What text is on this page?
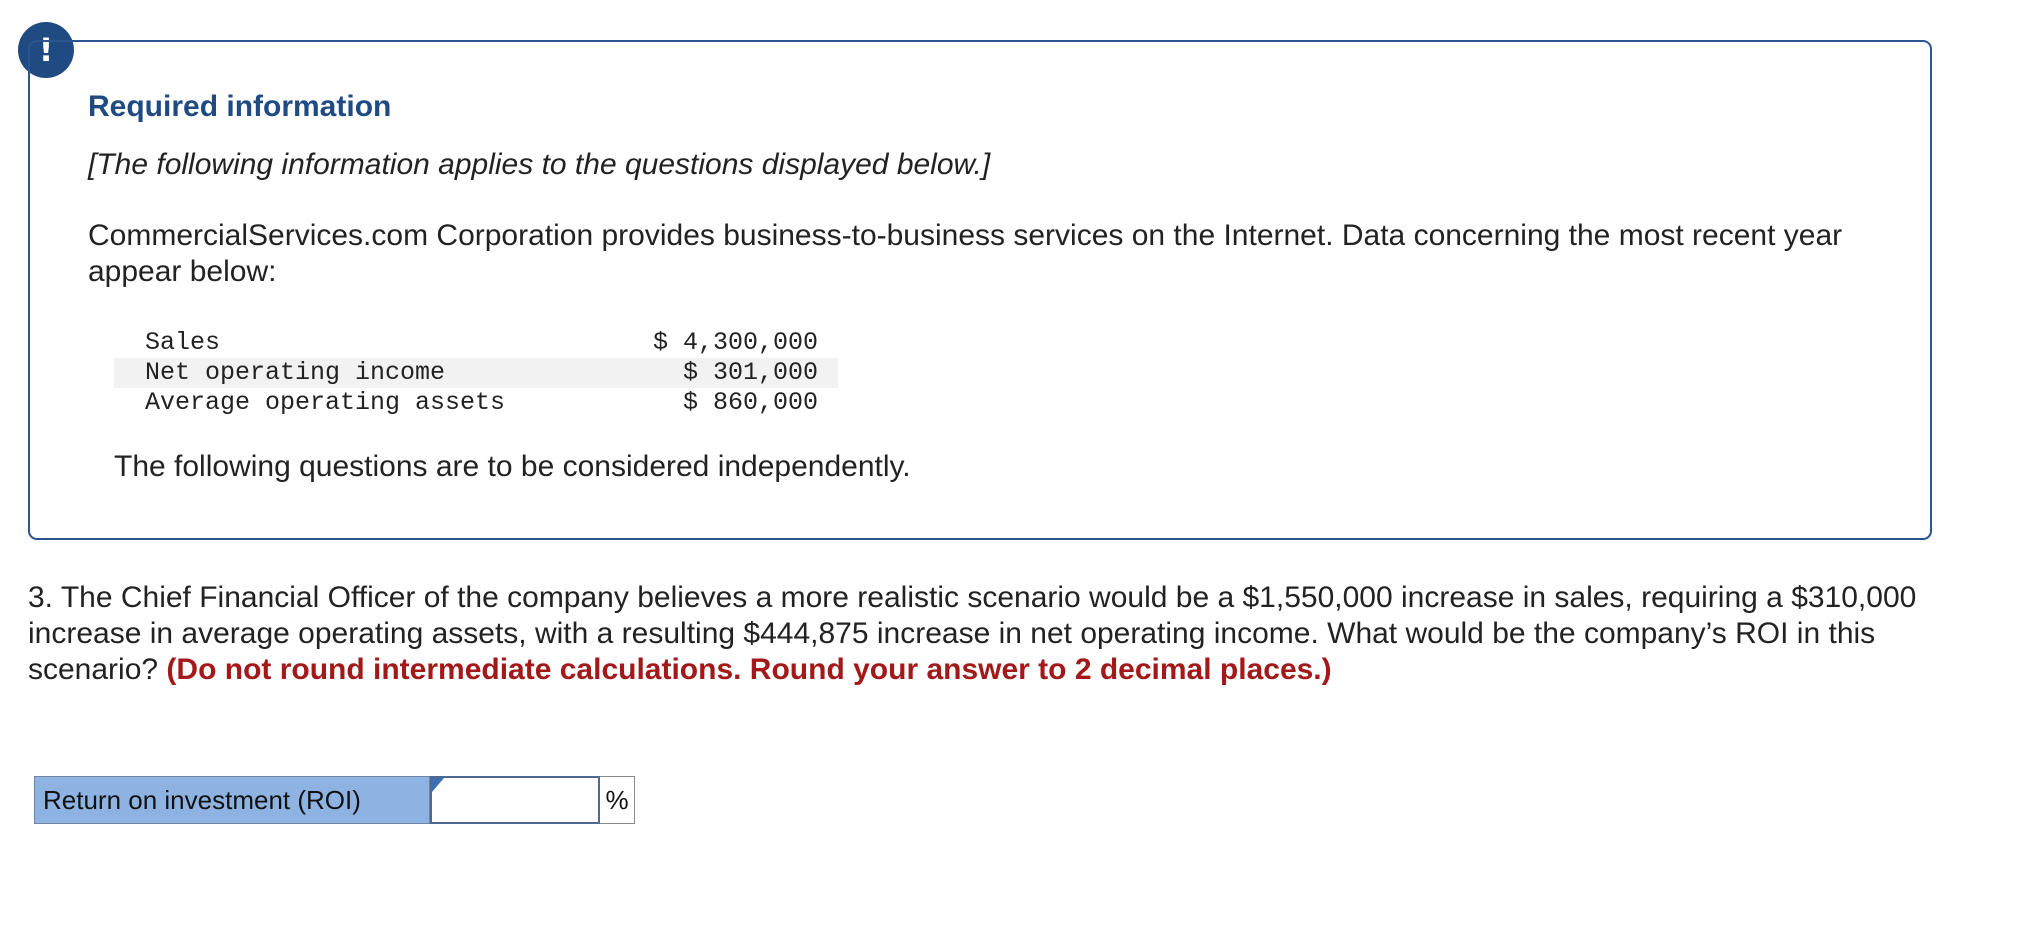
!
Required information
[The following information applies to the questions displayed below.]
CommercialServices.com Corporation provides business-to-business services on the Internet. Data concerning the most recent year appear below:
Sales	$ 4,300,000
Net operating income	$ 301,000
Average operating assets	$ 860,000
The following questions are to be considered independently.
3. The Chief Financial Officer of the company believes a more realistic scenario would be a $1,550,000 increase in sales, requiring a $310,000 increase in average operating assets, with a resulting $444,875 increase in net operating income. What would be the company’s ROI in this scenario? (Do not round intermediate calculations. Round your answer to 2 decimal places.)
Return on investment (ROI)	%
